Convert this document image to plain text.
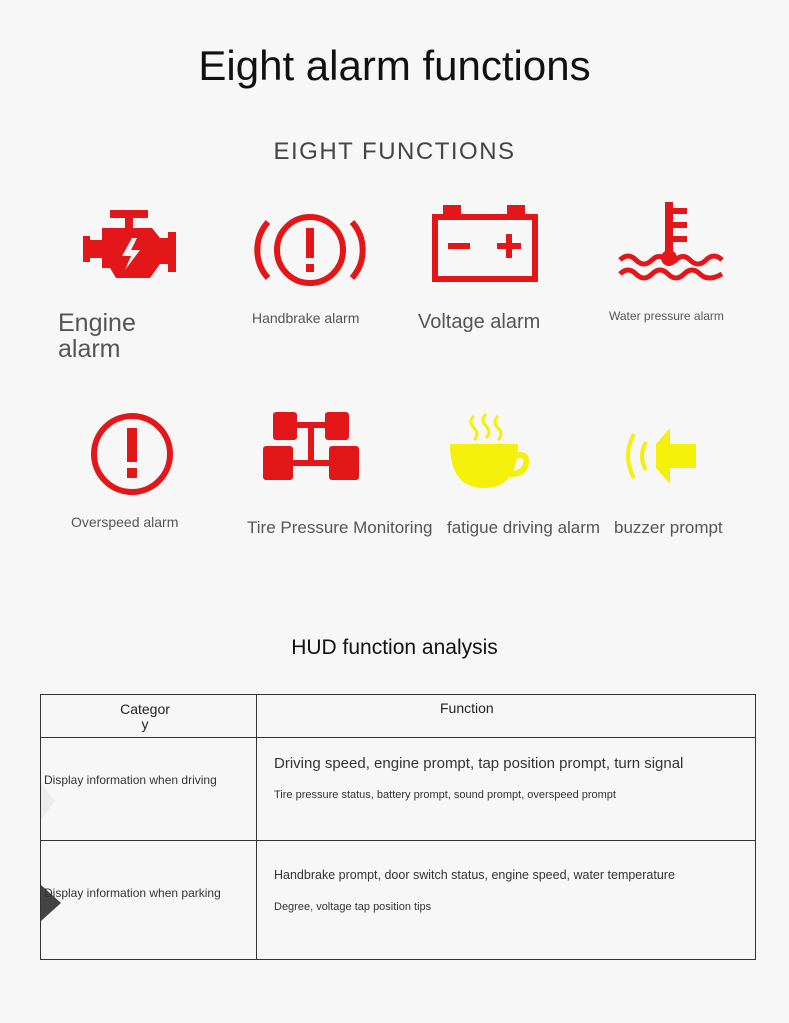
Eight alarm functions
EIGHT FUNCTIONS
Engine alarm
Handbrake alarm	Voltage alarm	Water pressure alarm
Overspeed alarm	Tire Pressure Monitoring fatigue driving alarm buzzer prompt
HUD function analysis
Categor y	Function

Display information when driving	Driving speed, engine prompt, tap position prompt, turn signal
Tire pressure status, battery prompt, sound prompt, overspeed prompt

Display information when parking	Handbrake prompt, door switch status, engine speed, water temperature
Degree, voltage tap position tips
